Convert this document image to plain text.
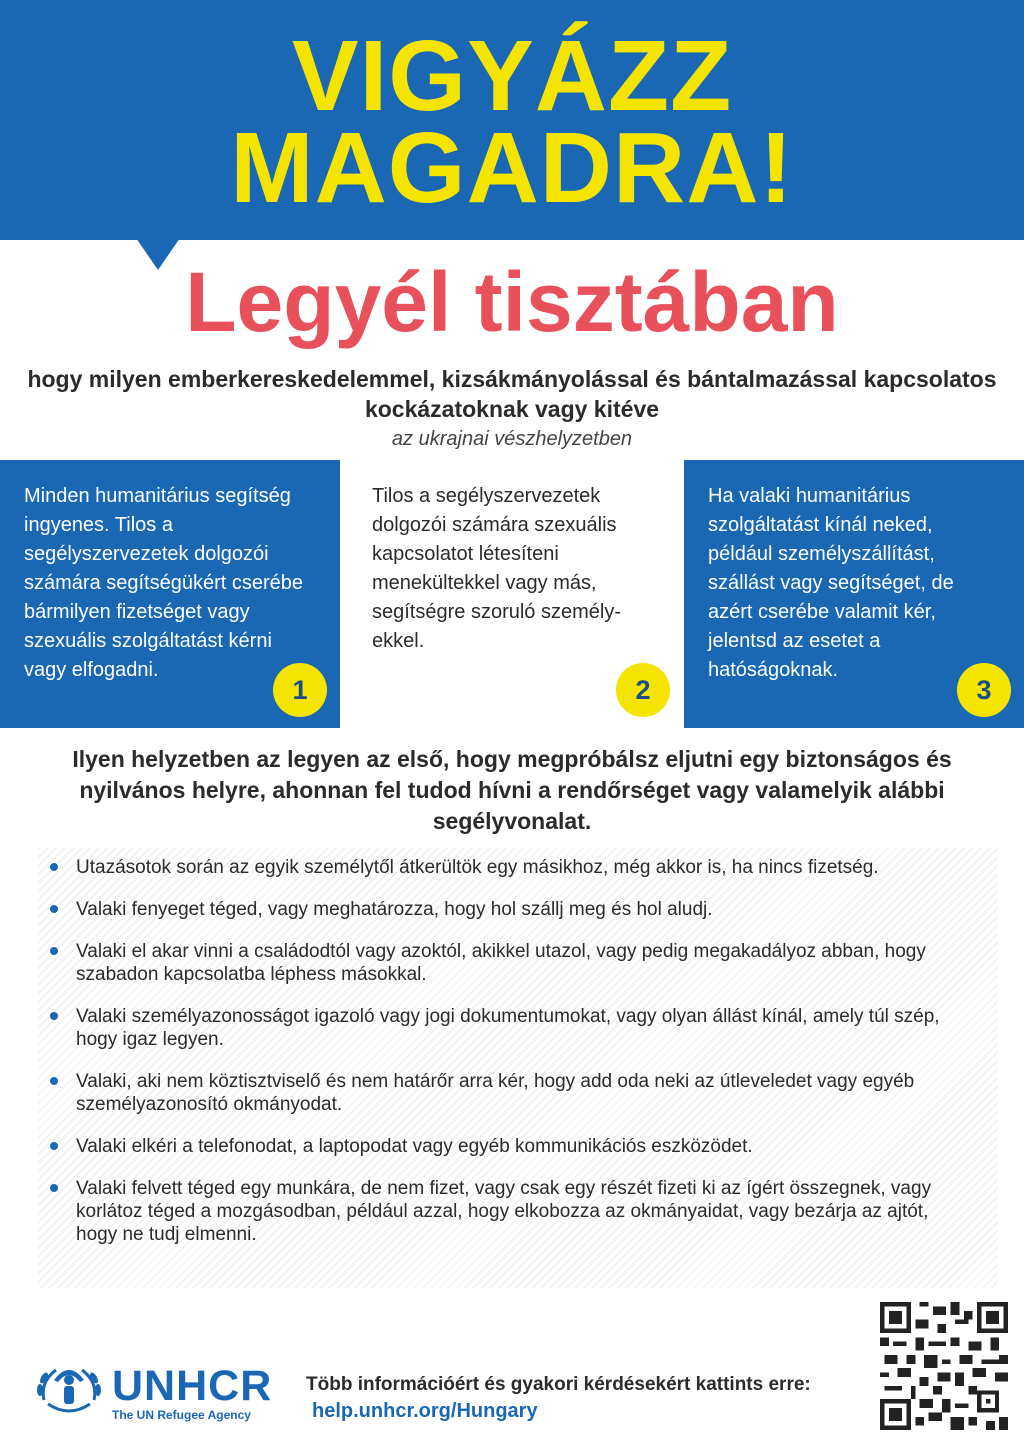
VIGYÁZZ
MAGADRA!
Legyél tisztában
hogy milyen emberkereskedelemmel, kizsákmányolással és bántalmazással kapcsolatos kockázatoknak vagy kitéve
az ukrajnai vészhelyzetben
Minden humanitárius segítség ingyenes. Tilos a segélyszervezetek dolgozói számára segítségükért cserébe bármilyen fizetséget vagy szexuális szolgáltatást kérni vagy elfogadni.
Tilos a segélyszervezetek dolgozói számára szexuális kapcsolatot létesíteni menekültekkel vagy más, segítségre szoruló személy-ekkel.
Ha valaki humanitárius szolgáltatást kínál neked, például személyszállítást, szállást vagy segítséget, de azért cserébe valamit kér, jelentsd az esetet a hatóságoknak.
1	2	3
Ilyen helyzetben az legyen az első, hogy megpróbálsz eljutni egy biztonságos és nyilvános helyre, ahonnan fel tudod hívni a rendőrséget vagy valamelyik alábbi segélyvonalat.
Utazásotok során az egyik személytől átkerültök egy másikhoz, még akkor is, ha nincs fizetség.
Valaki fenyeget téged, vagy meghatározza, hogy hol szállj meg és hol aludj.
Valaki el akar vinni a családodtól vagy azoktól, akikkel utazol, vagy pedig megakadályoz abban, hogy szabadon kapcsolatba léphess másokkal.
Valaki személyazonosságot igazoló vagy jogi dokumentumokat, vagy olyan állást kínál, amely túl szép, hogy igaz legyen.
Valaki, aki nem köztisztviselő és nem határőr arra kér, hogy add oda neki az útleveledet vagy egyéb személyazonosító okmányodat.
Valaki elkéri a telefonodat, a laptopodat vagy egyéb kommunikációs eszközödet.
Valaki felvett téged egy munkára, de nem fizet, vagy csak egy részét fizeti ki az ígért összegnek, vagy korlátoz téged a mozgásodban, például azzal, hogy elkobozza az okmányaidat, vagy bezárja az ajtót, hogy ne tudj elmenni.
UNHCR
The UN Refugee Agency
Több információért és gyakori kérdésekért kattints erre:
help.unhcr.org/Hungary
